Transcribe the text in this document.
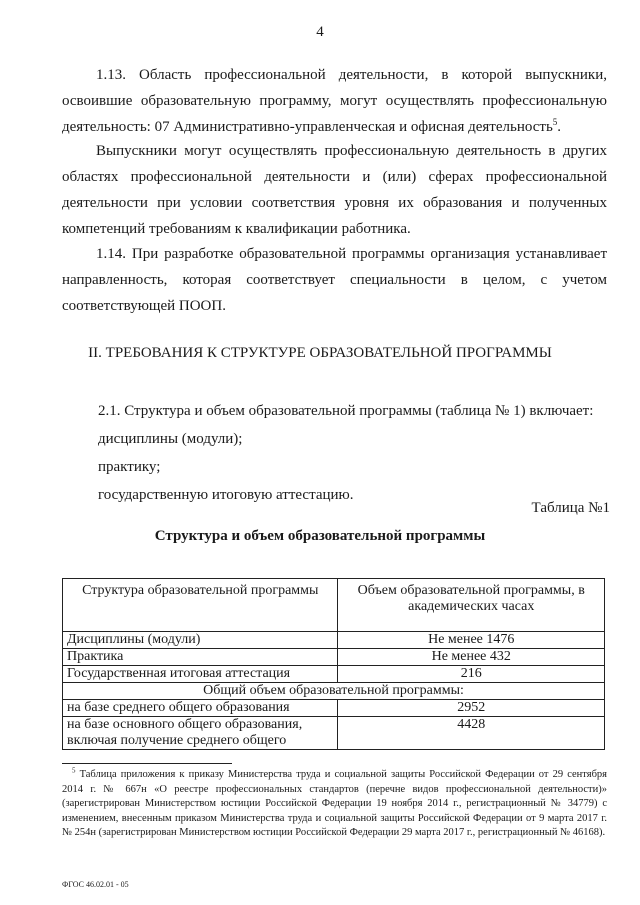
4
1.13. Область профессиональной деятельности, в которой выпускники,
освоившие образовательную программу, могут осуществлять профессиональную
деятельность: 07 Административно-управленческая и офисная деятельность$^5$.
Выпускники могут осуществлять профессиональную деятельность в других
областях профессиональной деятельности и (или) сферах профессиональной
деятельности при условии соответствия уровня их образования и полученных
компетенций требованиям к квалификации работника.
1.14. При разработке образовательной программы организация устанавливает
направленность, которая соответствует специальности в целом, с учетом
соответствующей ПООП.
II. ТРЕБОВАНИЯ К СТРУКТУРЕ ОБРАЗОВАТЕЛЬНОЙ ПРОГРАММЫ
2.1. Структура и объем образовательной программы (таблица № 1) включает:
дисциплины (модули);
практику;
государственную итоговую аттестацию.
Таблица №1
Структура и объем образовательной программы
Структура образовательной программы	Объем образовательной программы, в академических часах
Дисциплины (модули)	Не менее 1476
Практика	Не менее 432
Государственная итоговая аттестация	216
Общий объем образовательной программы:	
на базе среднего общего образования	2952
на базе основного общего образования, включая получение среднего общего	4428
$^5$ Таблица приложения к приказу Министерства труда и социальной защиты Российской Федерации от 29 сентября 2014 г. № 667н «О реестре профессиональных стандартов (перечне видов профессиональной деятельности)» (зарегистрирован Министерством юстиции Российской Федерации 19 ноября 2014 г., регистрационный № 34779) с изменением, внесенным приказом Министерства труда и социальной защиты Российской Федерации от 9 марта 2017 г. № 254н (зарегистрирован Министерством юстиции Российской Федерации 29 марта 2017 г., регистрационный № 46168).
ФГОС 46.02.01 - 05
